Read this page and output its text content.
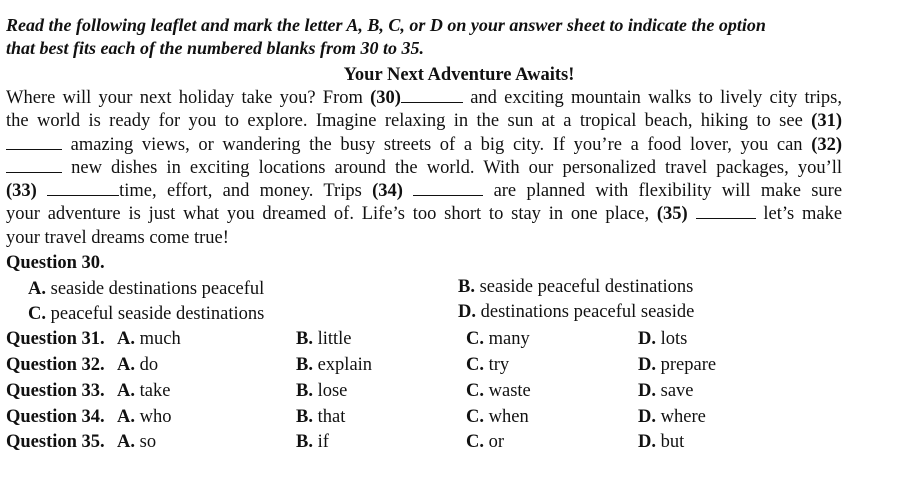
Read the following leaflet and mark the letter A, B, C, or D on your answer sheet to indicate the option
that best fits each of the numbered blanks from 30 to 35.
Your Next Adventure Awaits!
Where will your next holiday take you? From (30)	and exciting mountain walks to lively city trips,
the world is ready for you to explore. Imagine relaxing in the sun at a tropical beach, hiking to see (31)
amazing views, or wandering the busy streets of a big city. If you’re a food lover, you can (32)
new dishes in exciting locations around the world. With our personalized travel packages, you’ll
(33)	time, effort, and money. Trips (34)	are planned with flexibility will make sure
your adventure is just what you dreamed of. Life’s too short to stay in one place, (35)	let’s make
your travel dreams come true!
Question 30.
A. seaside destinations peaceful	B. seaside peaceful destinations
C. peaceful seaside destinations	D. destinations peaceful seaside
Question 31. A. much	B. little	C. many	D. lots
Question 32. A. do	B. explain	C. try	D. prepare
Question 33. A. take	B. lose	C. waste	D. save
Question 34. A. who	B. that	C. when	D. where
Question 35. A. so	B. if	C. or	D. but
